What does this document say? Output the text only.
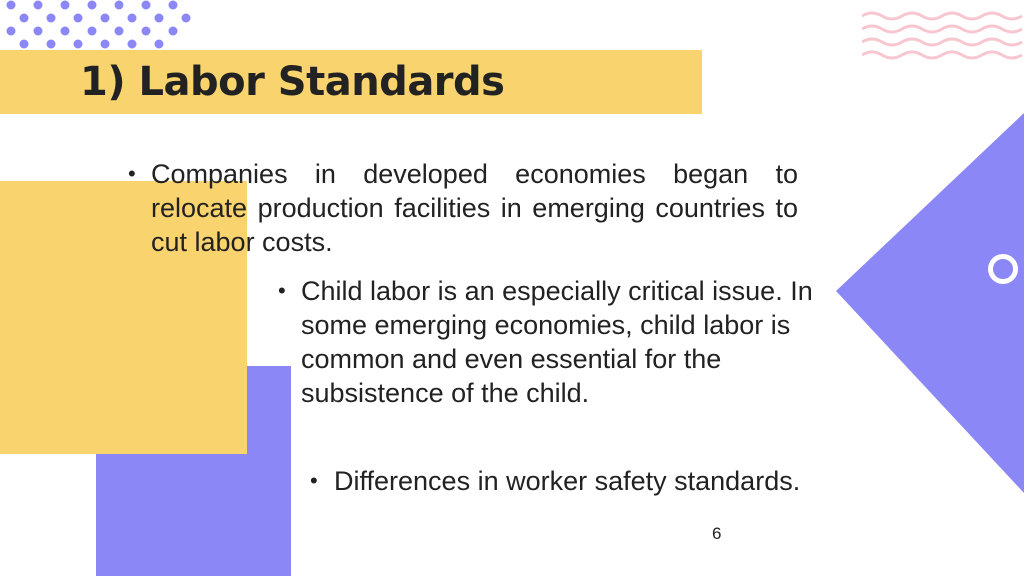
1) Labor Standards
• Companies in developed economies began to relocate production facilities in emerging countries to cut labor costs.
• Child labor is an especially critical issue. In some emerging economies, child labor is common and even essential for the subsistence of the child.
• Differences in worker safety standards.
6
